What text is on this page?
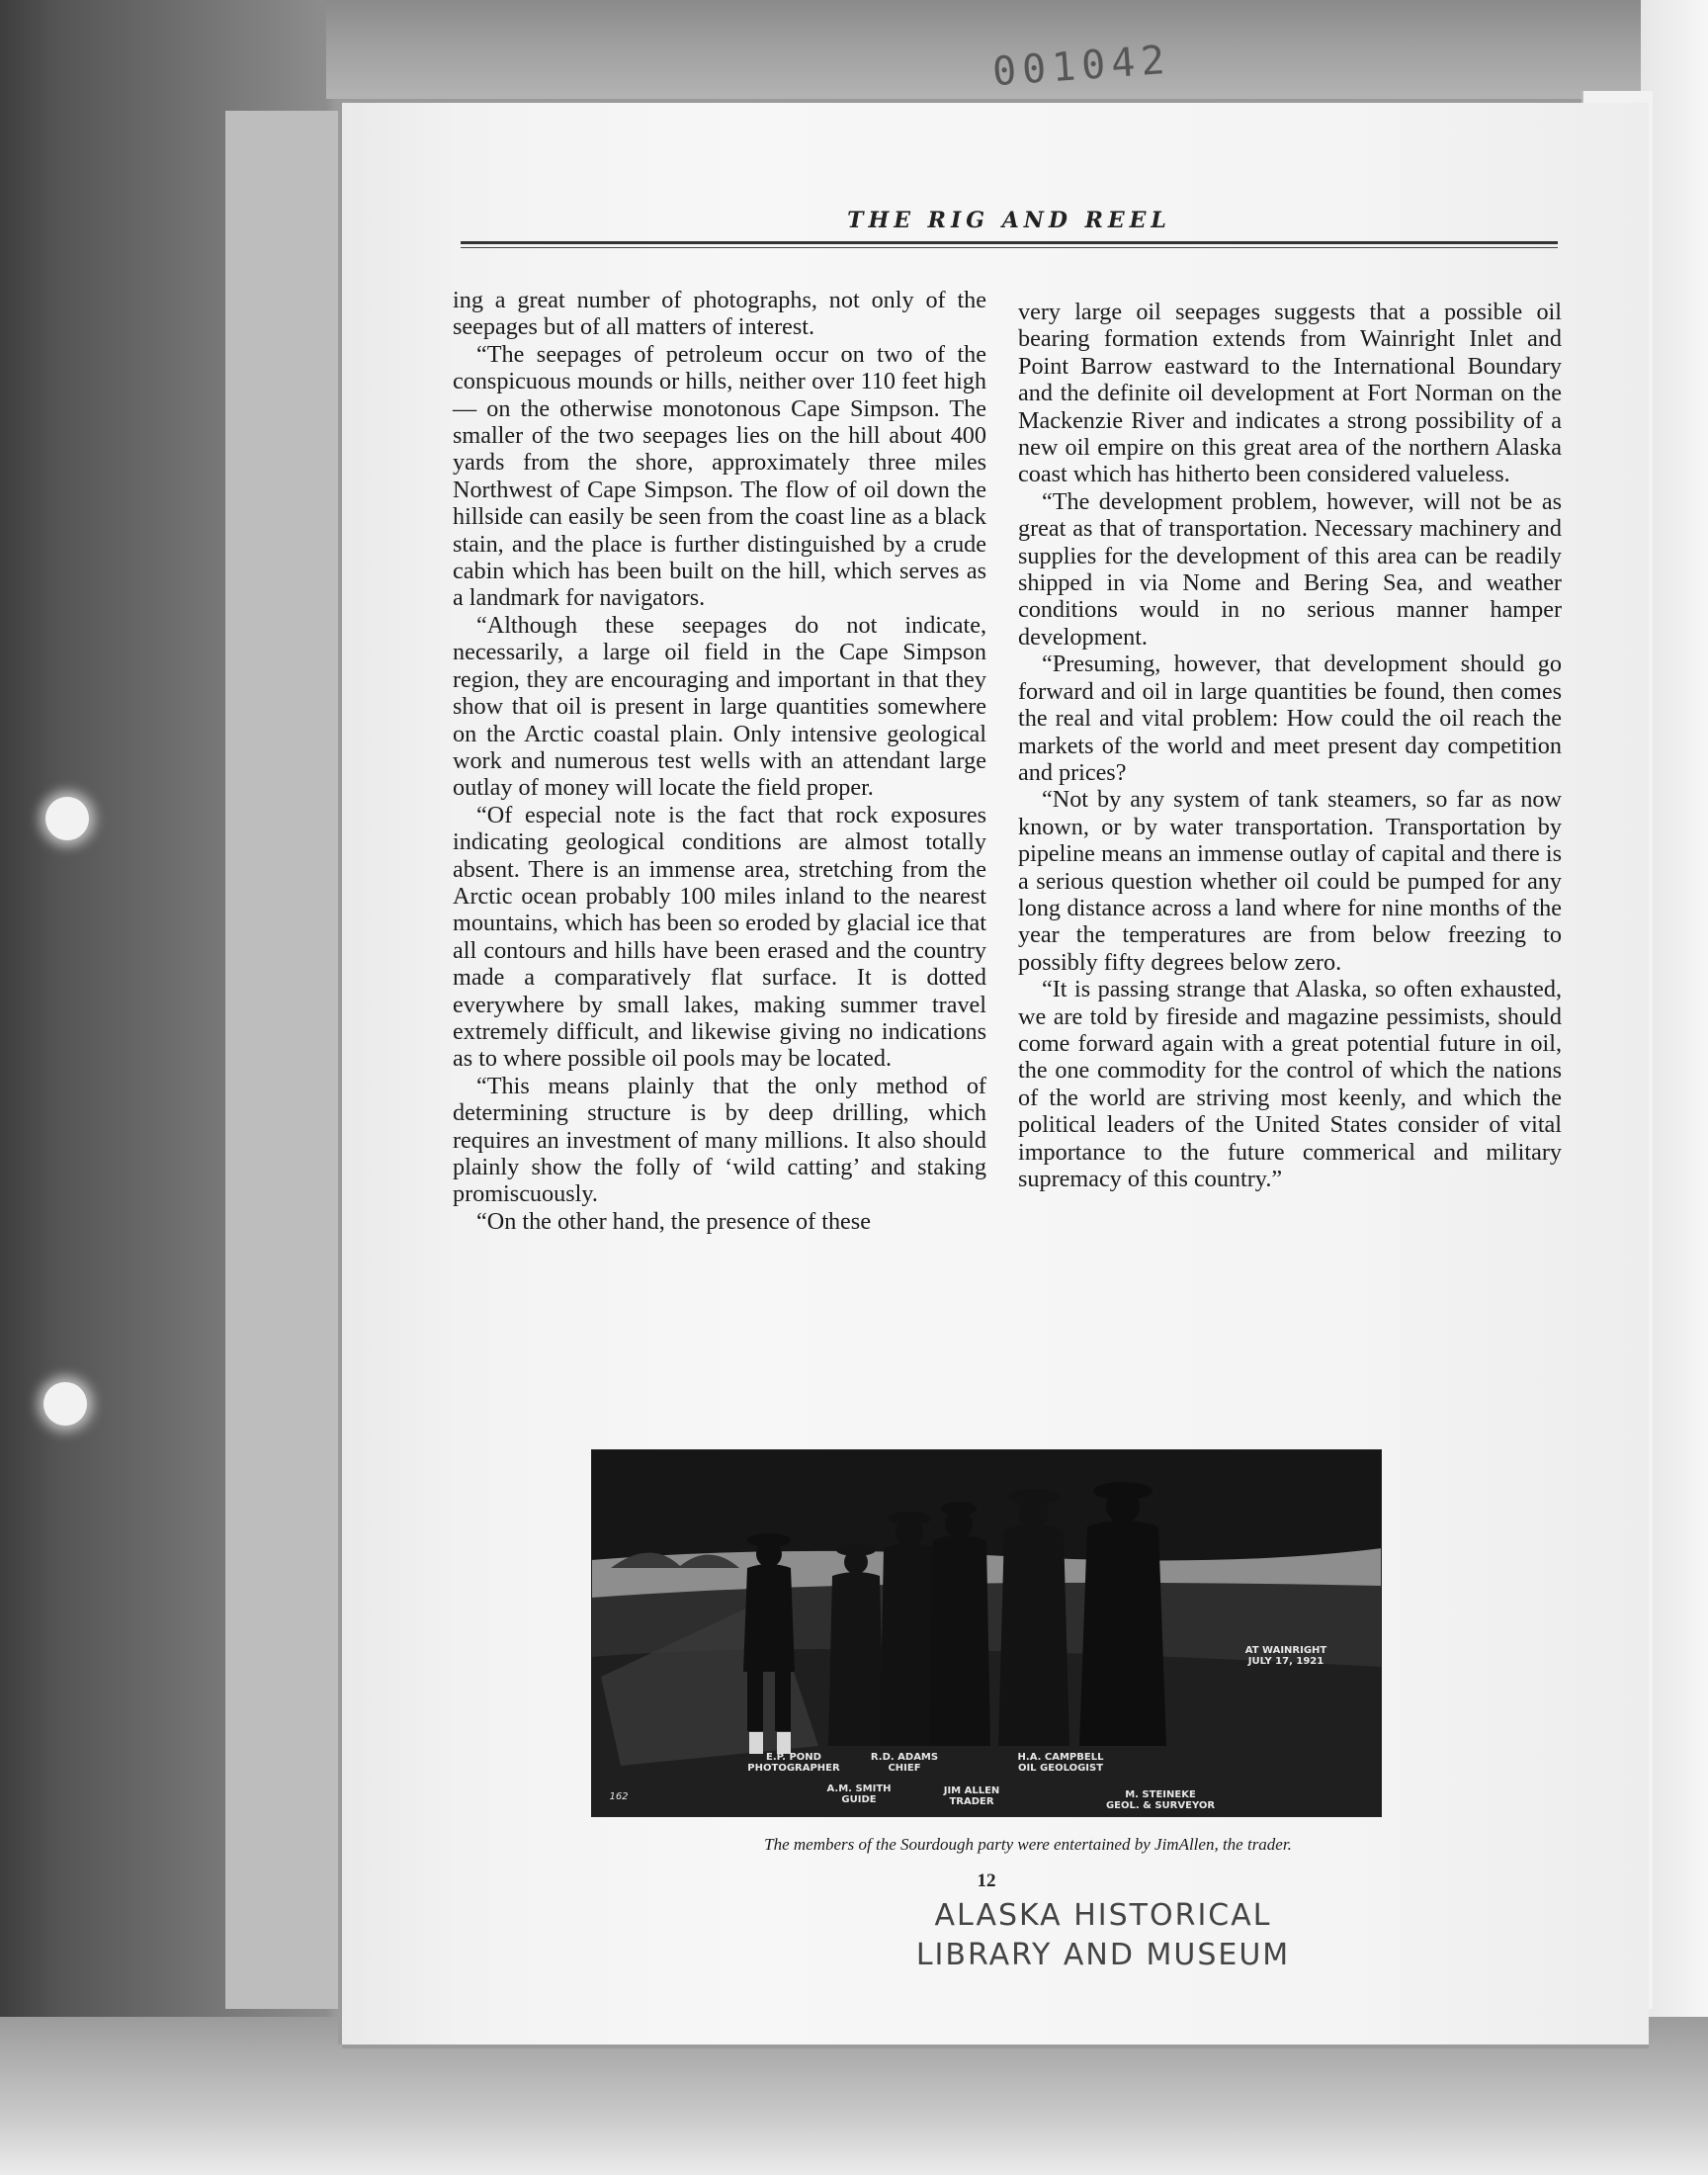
001042
THE RIG AND REEL

ing a great number of photographs, not only of the seepages but of all matters of interest.

“The seepages of petroleum occur on two of the conspicuous mounds or hills, neither over 110 feet high — on the otherwise monotonous Cape Simpson. The smaller of the two seepages lies on the hill about 400 yards from the shore, approximately three miles Northwest of Cape Simpson. The flow of oil down the hillside can easily be seen from the coast line as a black stain, and the place is further distinguished by a crude cabin which has been built on the hill, which serves as a landmark for navigators.

“Although these seepages do not indicate, necessarily, a large oil field in the Cape Simpson region, they are encouraging and important in that they show that oil is present in large quantities somewhere on the Arctic coastal plain. Only intensive geological work and numerous test wells with an attendant large outlay of money will locate the field proper.

“Of especial note is the fact that rock exposures indicating geological conditions are almost totally absent. There is an immense area, stretching from the Arctic ocean probably 100 miles inland to the nearest mountains, which has been so eroded by glacial ice that all contours and hills have been erased and the country made a comparatively flat surface. It is dotted everywhere by small lakes, making summer travel extremely difficult, and likewise giving no indications as to where possible oil pools may be located.

“This means plainly that the only method of determining structure is by deep drilling, which requires an investment of many millions. It also should plainly show the folly of ‘wild catting’ and staking promiscuously.

“On the other hand, the presence of these

very large oil seepages suggests that a possible oil bearing formation extends from Wainright Inlet and Point Barrow eastward to the International Boundary and the definite oil development at Fort Norman on the Mackenzie River and indicates a strong possibility of a new oil empire on this great area of the northern Alaska coast which has hitherto been considered valueless.

“The development problem, however, will not be as great as that of transportation. Necessary machinery and supplies for the development of this area can be readily shipped in via Nome and Bering Sea, and weather conditions would in no serious manner hamper development.

“Presuming, however, that development should go forward and oil in large quantities be found, then comes the real and vital problem: How could the oil reach the markets of the world and meet present day competition and prices?

“Not by any system of tank steamers, so far as now known, or by water transportation. Transportation by pipeline means an immense outlay of capital and there is a serious question whether oil could be pumped for any long distance across a land where for nine months of the year the temperatures are from below freezing to possibly fifty degrees below zero.

“It is passing strange that Alaska, so often exhausted, we are told by fireside and magazine pessimists, should come forward again with a great potential future in oil, the one commodity for the control of which the nations of the world are striving most keenly, and which the political leaders of the United States consider of vital importance to the future commerical and military supremacy of this country.”

AT WAINRIGHT
JULY 17, 1921
162
E.P. POND
PHOTOGRAPHER
A.M. SMITH
GUIDE
R.D. ADAMS
CHIEF
JIM ALLEN
TRADER
H.A. CAMPBELL
OIL GEOLOGIST
M. STEINEKE
GEOL. & SURVEYOR
The members of the Sourdough party were entertained by JimAllen, the trader.
12
ALASKA HISTORICAL
LIBRARY AND MUSEUM
